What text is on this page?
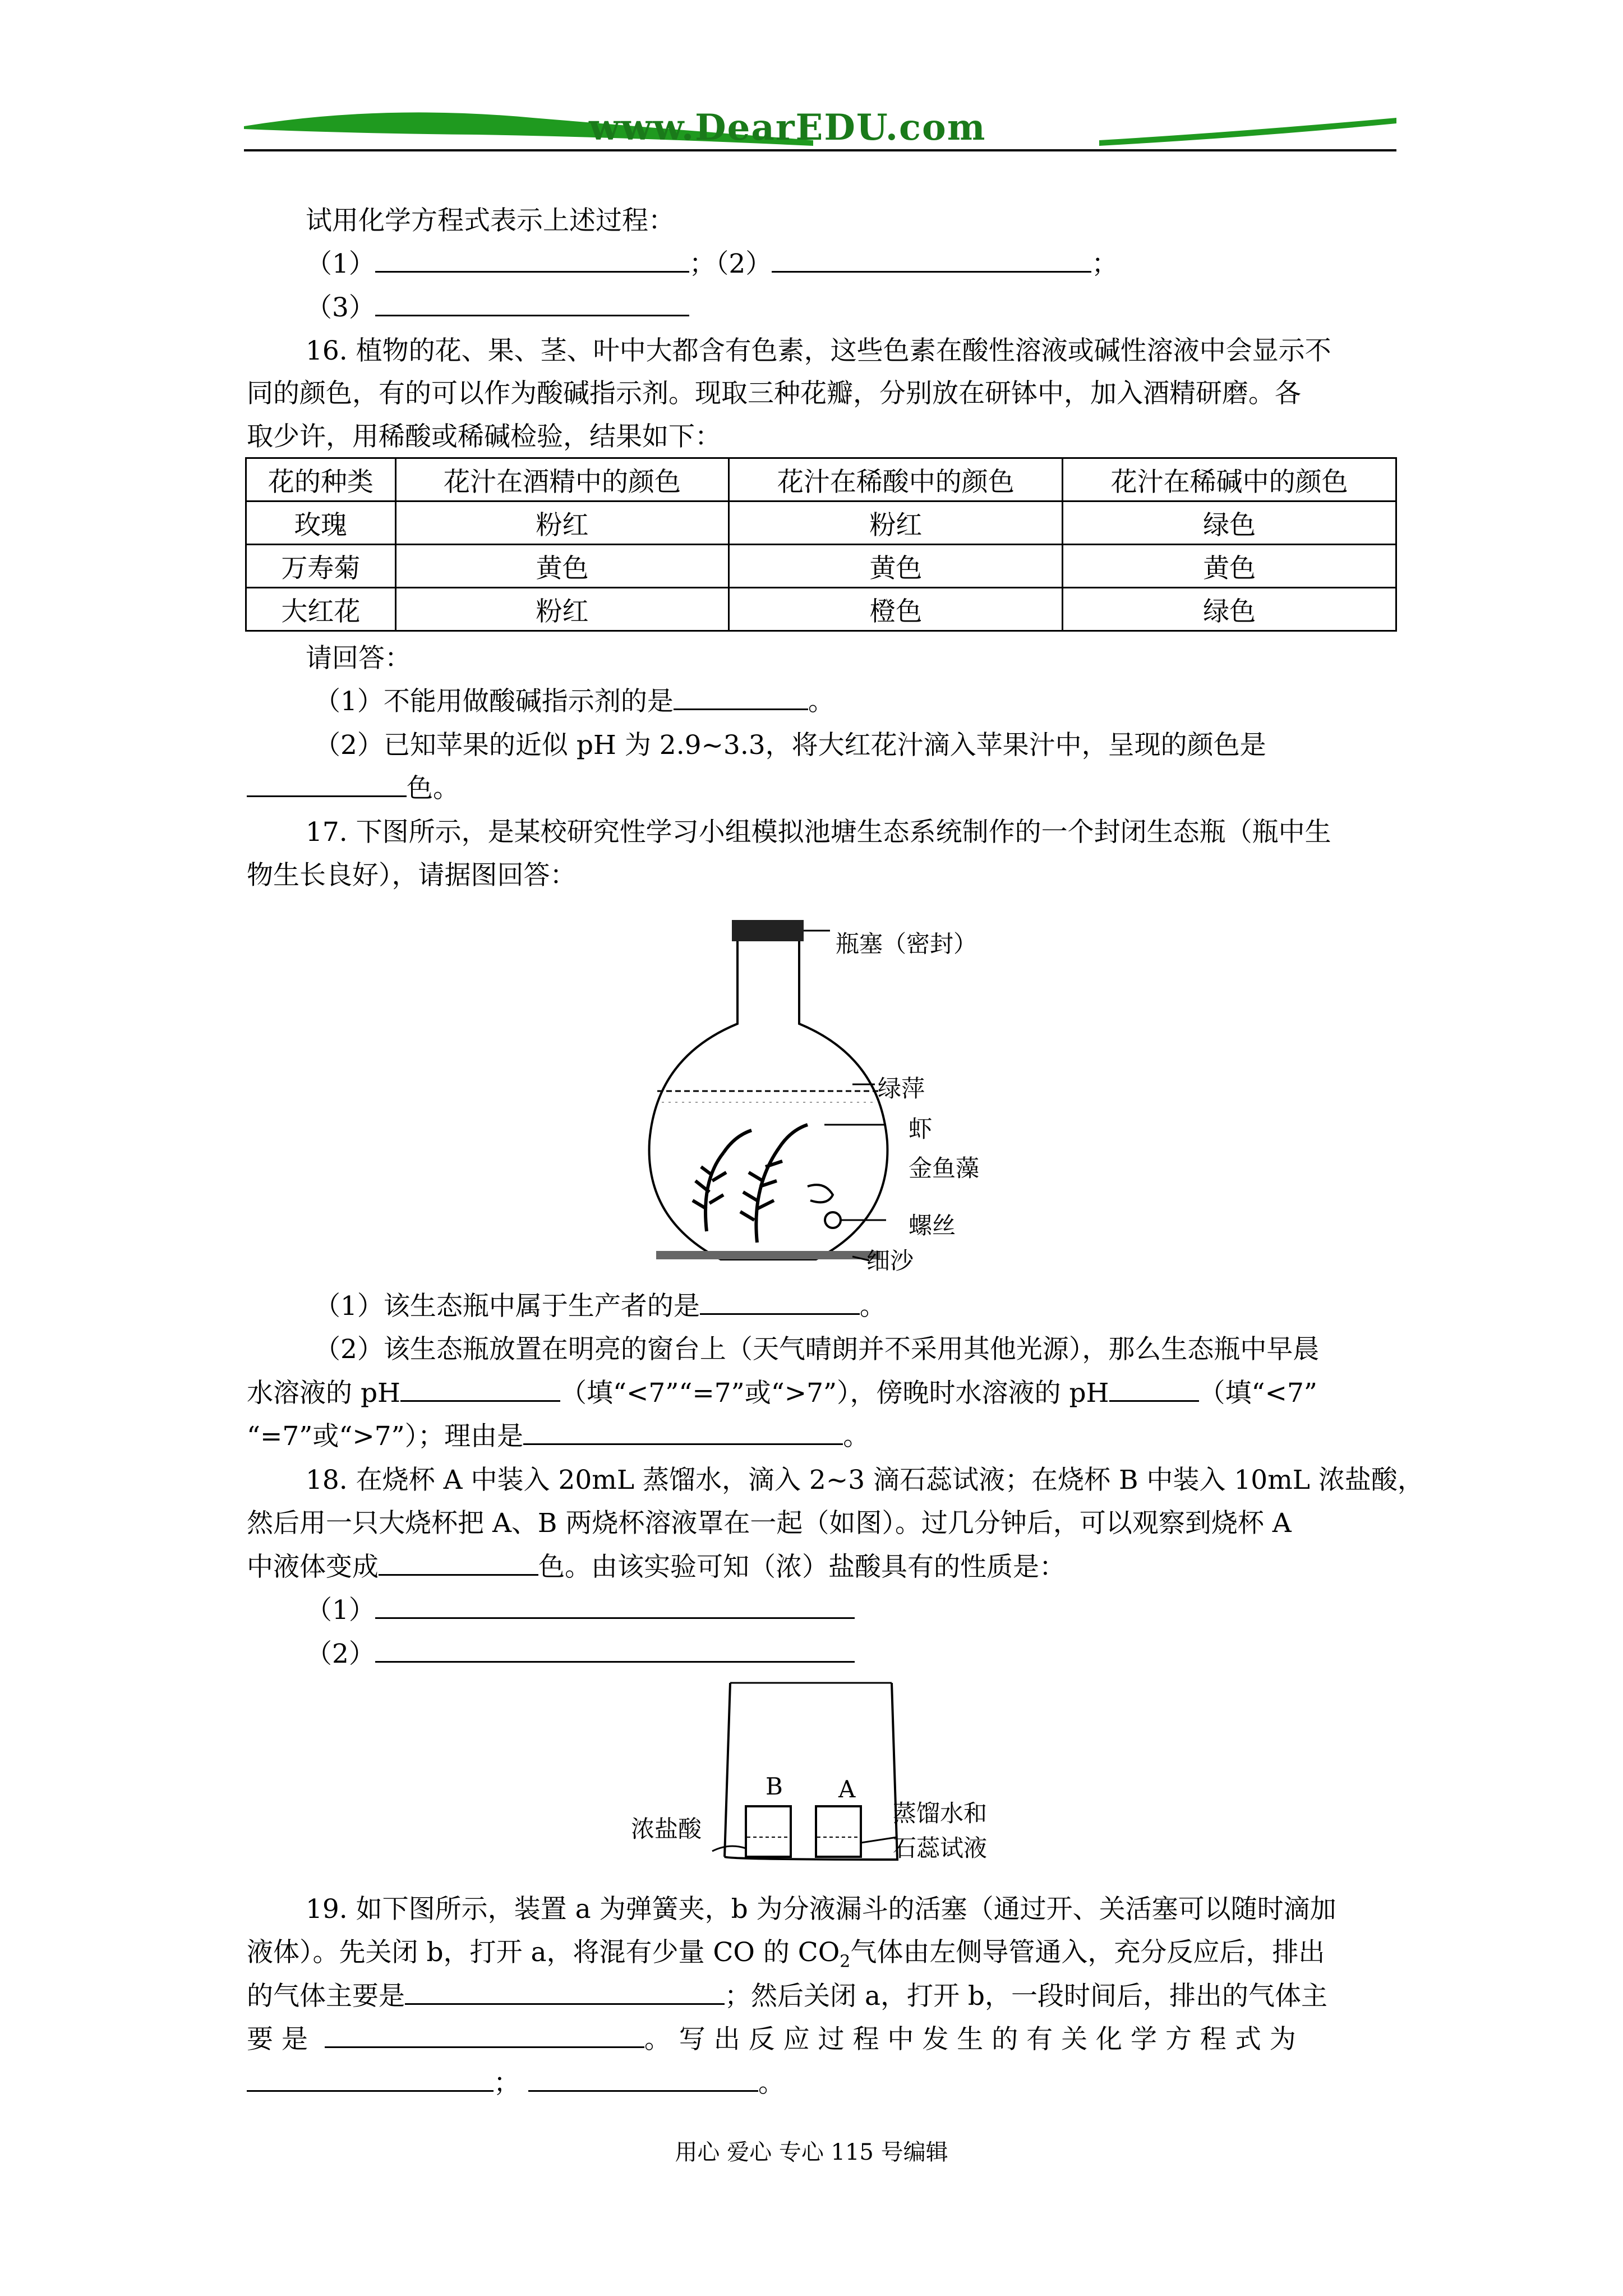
www.DearEDU.com
试用化学方程式表示上述过程：
（1）	；（2）	；
（3）
16. 植物的花、果、茎、叶中大都含有色素，这些色素在酸性溶液或碱性溶液中会显示不
同的颜色，有的可以作为酸碱指示剂。现取三种花瓣，分别放在研钵中，加入酒精研磨。各
取少许，用稀酸或稀碱检验，结果如下：
花的种类	花汁在酒精中的颜色	花汁在稀酸中的颜色	花汁在稀碱中的颜色
玫瑰	粉红	粉红	绿色
万寿菊	黄色	黄色	黄色
大红花	粉红	橙色	绿色
请回答：
（1）不能用做酸碱指示剂的是	。
（2）已知苹果的近似 pH 为 2.9~3.3，将大红花汁滴入苹果汁中，呈现的颜色是
色。
17. 下图所示，是某校研究性学习小组模拟池塘生态系统制作的一个封闭生态瓶（瓶中生
物生长良好），请据图回答：
瓶塞（密封）
绿萍
虾
金鱼藻
螺丝
细沙
（1）该生态瓶中属于生产者的是	。
（2）该生态瓶放置在明亮的窗台上（天气晴朗并不采用其他光源），那么生态瓶中早晨
水溶液的 pH	（填“<7”“=7”或“>7”），傍晚时水溶液的 pH	（填“<7”
“=7”或“>7”）；理由是	。
18. 在烧杯 A 中装入 20mL 蒸馏水，滴入 2~3 滴石蕊试液；在烧杯 B 中装入 10mL 浓盐酸，
然后用一只大烧杯把 A、B 两烧杯溶液罩在一起（如图）。过几分钟后，可以观察到烧杯 A
中液体变成	色。由该实验可知（浓）盐酸具有的性质是：
（1）
（2）
B A
浓盐酸
蒸馏水和
石蕊试液
19. 如下图所示，装置 a 为弹簧夹，b 为分液漏斗的活塞（通过开、关活塞可以随时滴加
液体）。先关闭 b，打开 a，将混有少量 CO 的 $CO_2$气体由左侧导管通入，充分反应后，排出
的气体主要是	；然后关闭 a，打开 b，一段时间后，排出的气体主
要 是	。 写 出 反 应 过 程 中 发 生 的 有 关 化 学 方 程 式 为
；	。
用心 爱心 专心 115 号编辑
